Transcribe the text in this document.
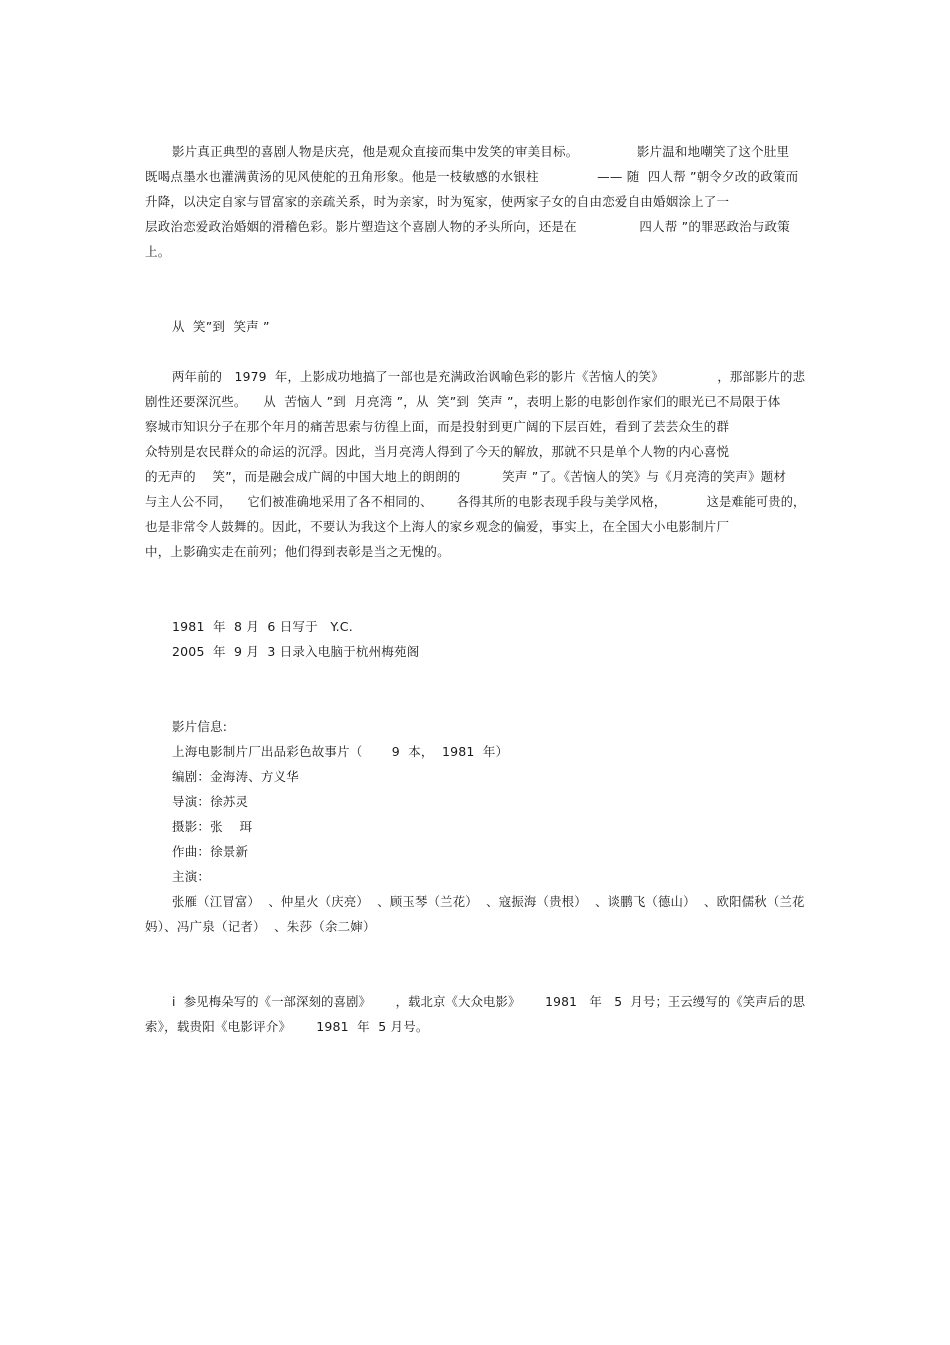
影片真正典型的喜剧人物是庆亮，他是观众直接而集中发笑的审美目标。              影片温和地嘲笑了这个肚里
既喝点墨水也灌满黄汤的见风使舵的丑角形象。他是一枝敏感的水银柱              —— 随  四人帮 ”朝令夕改的政策而
升降，以决定自家与冒富家的亲疏关系，时为亲家，时为冤家，使两家子女的自由恋爱自由婚姻涂上了一
层政治恋爱政治婚姻的滑稽色彩。影片塑造这个喜剧人物的矛头所向，还是在               四人帮 ”的罪恶政治与政策
上。
从  笑”到  笑声 ”
两年前的   1979  年，上影成功地搞了一部也是充满政治讽喻色彩的影片《苦恼人的笑》             ，那部影片的悲
剧性还要深沉些。    从  苦恼人 ”到  月亮湾 ”，从  笑”到  笑声 ”，表明上影的电影创作家们的眼光已不局限于体
察城市知识分子在那个年月的痛苦思索与彷徨上面，而是投射到更广阔的下层百姓，看到了芸芸众生的群
众特别是农民群众的命运的沉浮。因此，当月亮湾人得到了今天的解放，那就不只是单个人物的内心喜悦
的无声的    笑”，而是融会成广阔的中国大地上的朗朗的          笑声 ”了。《苦恼人的笑》与《月亮湾的笑声》题材
与主人公不同，    它们被准确地采用了各不相同的、      各得其所的电影表现手段与美学风格，          这是难能可贵的，
也是非常令人鼓舞的。因此，不要认为我这个上海人的家乡观念的偏爱，事实上，在全国大小电影制片厂
中，上影确实走在前列；他们得到表彰是当之无愧的。
1981  年  8 月  6 日写于   Y.C.
2005  年  9 月  3 日录入电脑于杭州梅苑阁
影片信息:
上海电影制片厂出品彩色故事片（       9  本，  1981  年）
编剧：金海涛、方义华
导演：徐苏灵
摄影：张    珥
作曲：徐景新
主演：
张雁（江冒富）  、仲星火（庆亮）  、顾玉琴（兰花）  、寇振海（贵根）  、谈鹏飞（德山）  、欧阳儒秋（兰花
妈）、冯广泉（记者）  、朱莎（余二婶）
i  参见梅朵写的《一部深刻的喜剧》      ，载北京《大众电影》      1981   年   5  月号；王云缦写的《笑声后的思
索》，载贵阳《电影评介》      1981  年  5 月号。
